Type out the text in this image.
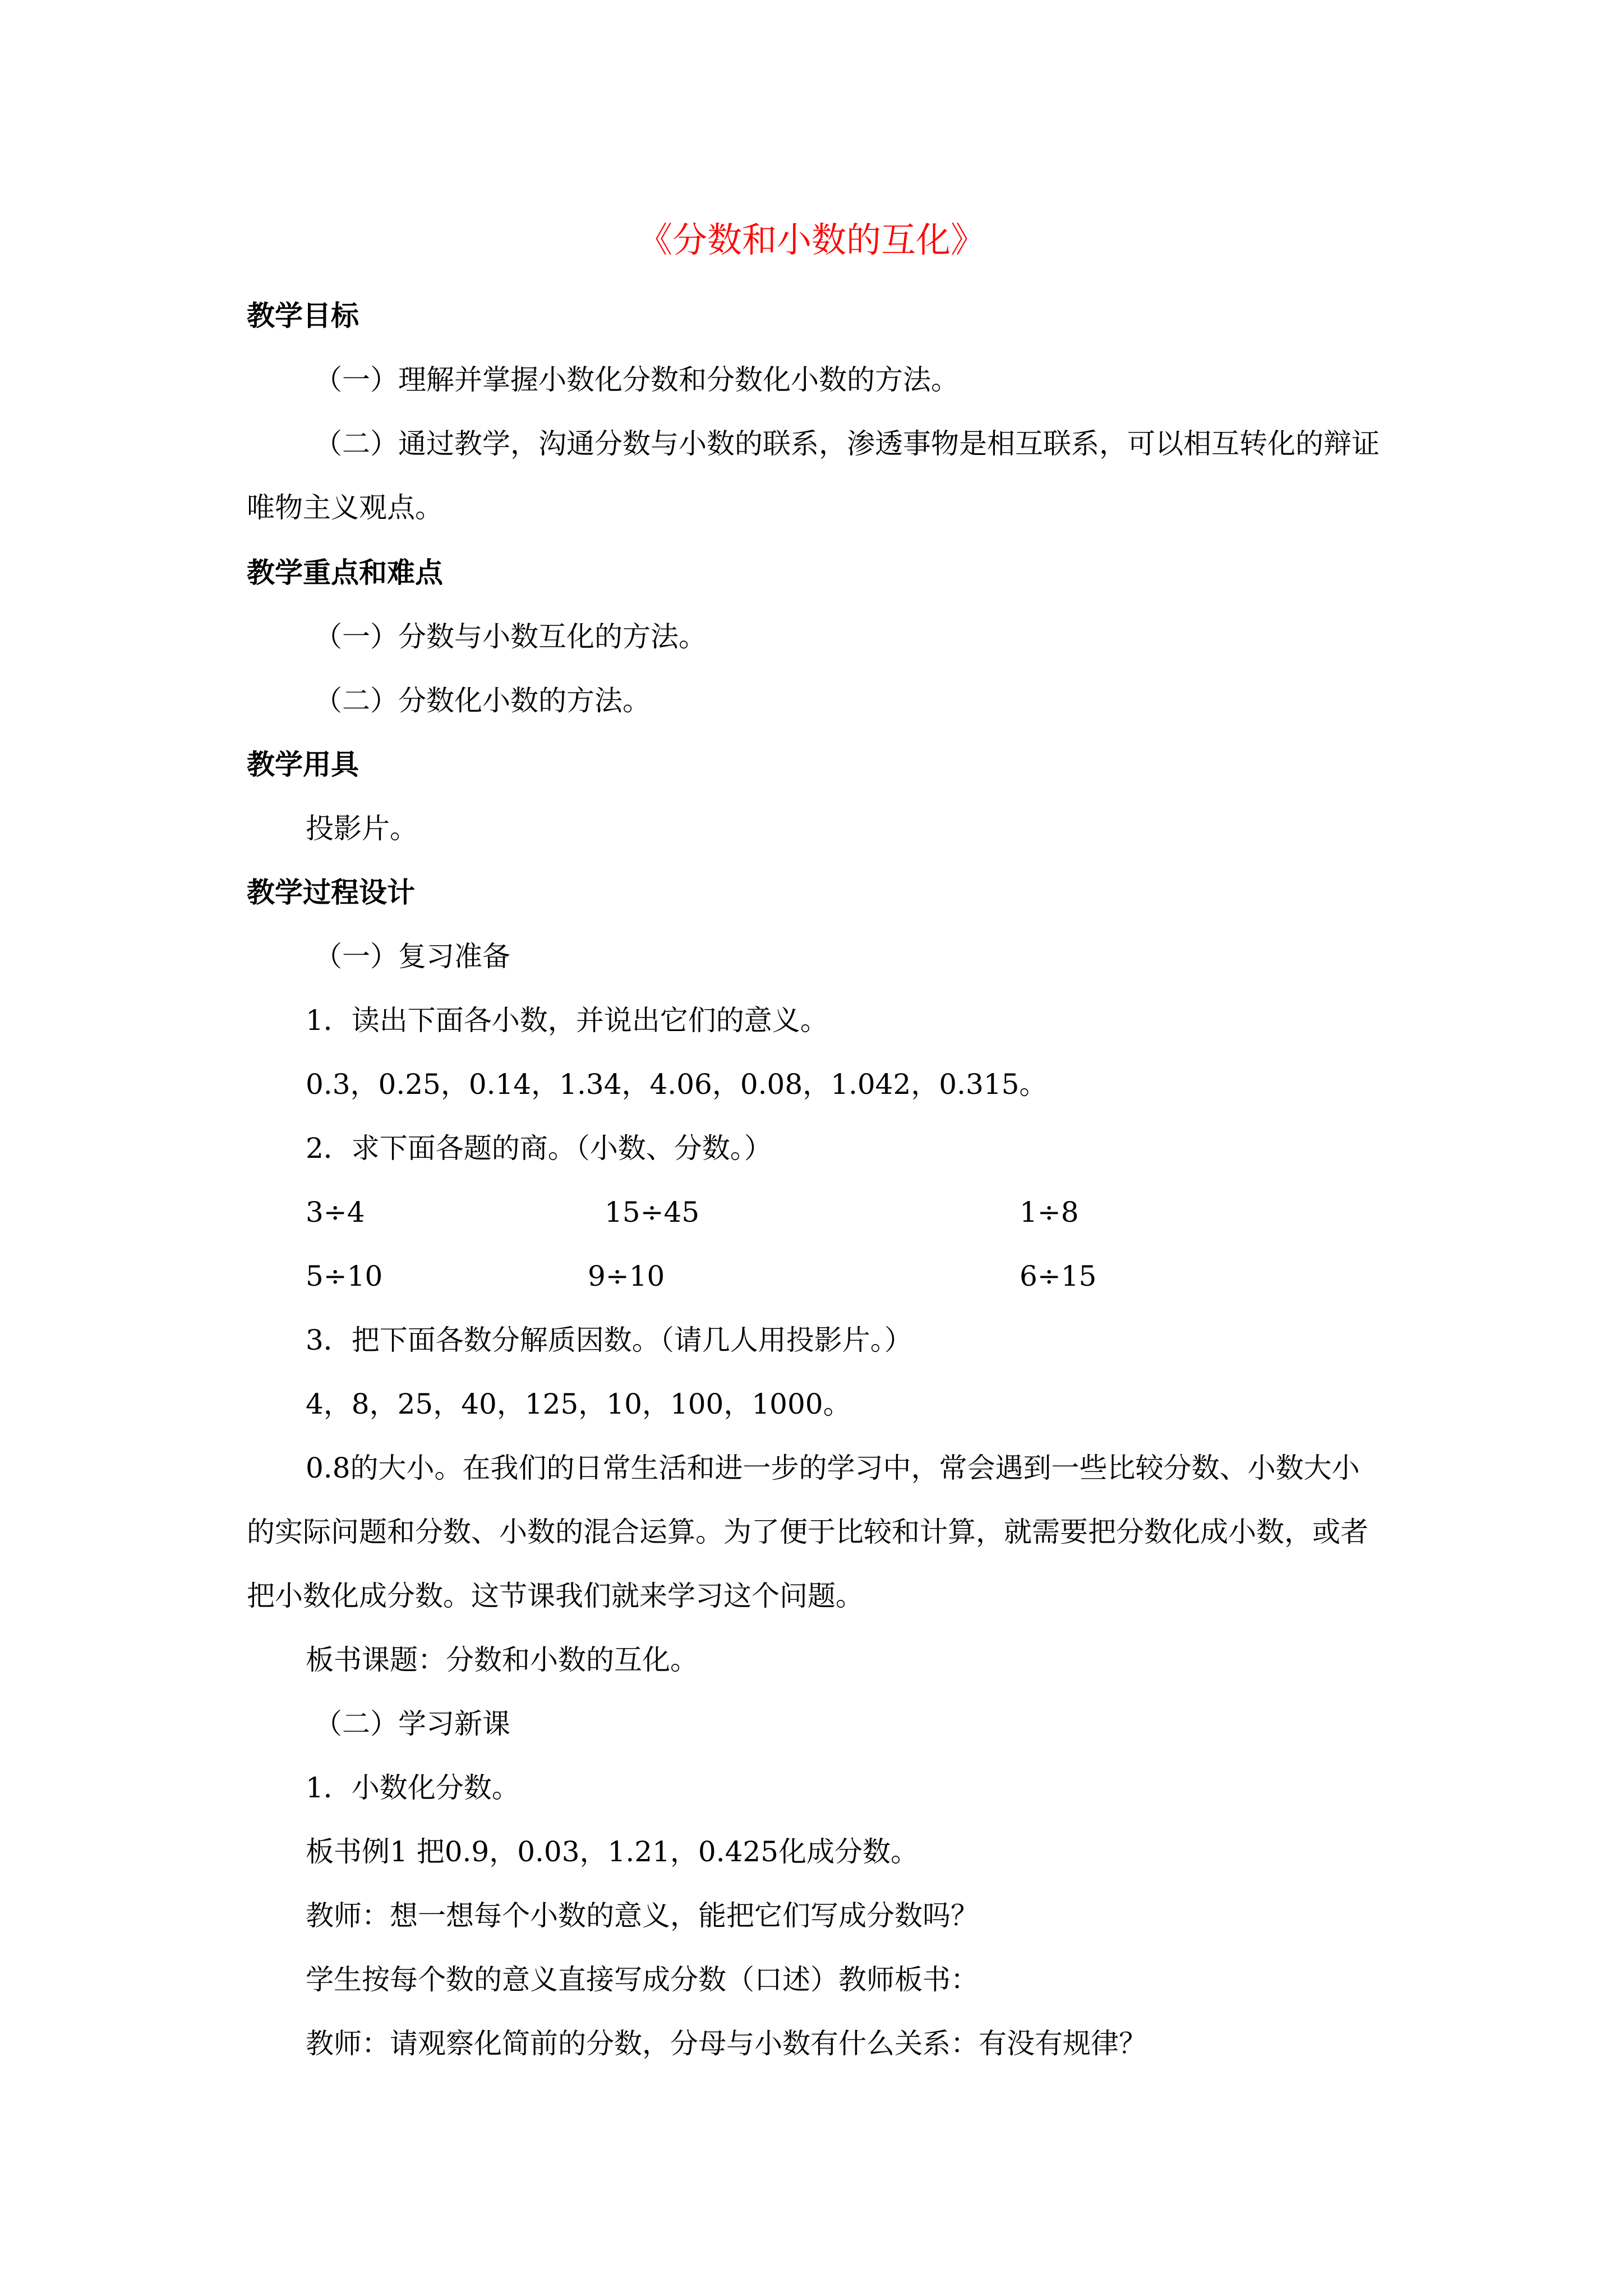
《分数和小数的互化》
教学目标
（一）理解并掌握小数化分数和分数化小数的方法。
（二）通过教学，沟通分数与小数的联系，渗透事物是相互联系，可以相互转化的辩证
唯物主义观点。
教学重点和难点
（一）分数与小数互化的方法。
（二）分数化小数的方法。
教学用具
投影片。
教学过程设计
（一）复习准备
1．读出下面各小数，并说出它们的意义。
0.3，0.25，0.14，1.34，4.06，0.08，1.042，0.315。
2．求下面各题的商。（小数、分数。）
3÷4	15÷45	1÷8
5÷10	9÷10	6÷15
3．把下面各数分解质因数。（请几人用投影片。）
4，8，25，40，125，10，100，1000。
0.8的大小。在我们的日常生活和进一步的学习中，常会遇到一些比较分数、小数大小
的实际问题和分数、小数的混合运算。为了便于比较和计算，就需要把分数化成小数，或者
把小数化成分数。这节课我们就来学习这个问题。
板书课题：分数和小数的互化。
（二）学习新课
1．小数化分数。
板书例1 把0.9，0.03，1.21，0.425化成分数。
教师：想一想每个小数的意义，能把它们写成分数吗？
学生按每个数的意义直接写成分数（口述）教师板书：
教师：请观察化简前的分数，分母与小数有什么关系：有没有规律？
